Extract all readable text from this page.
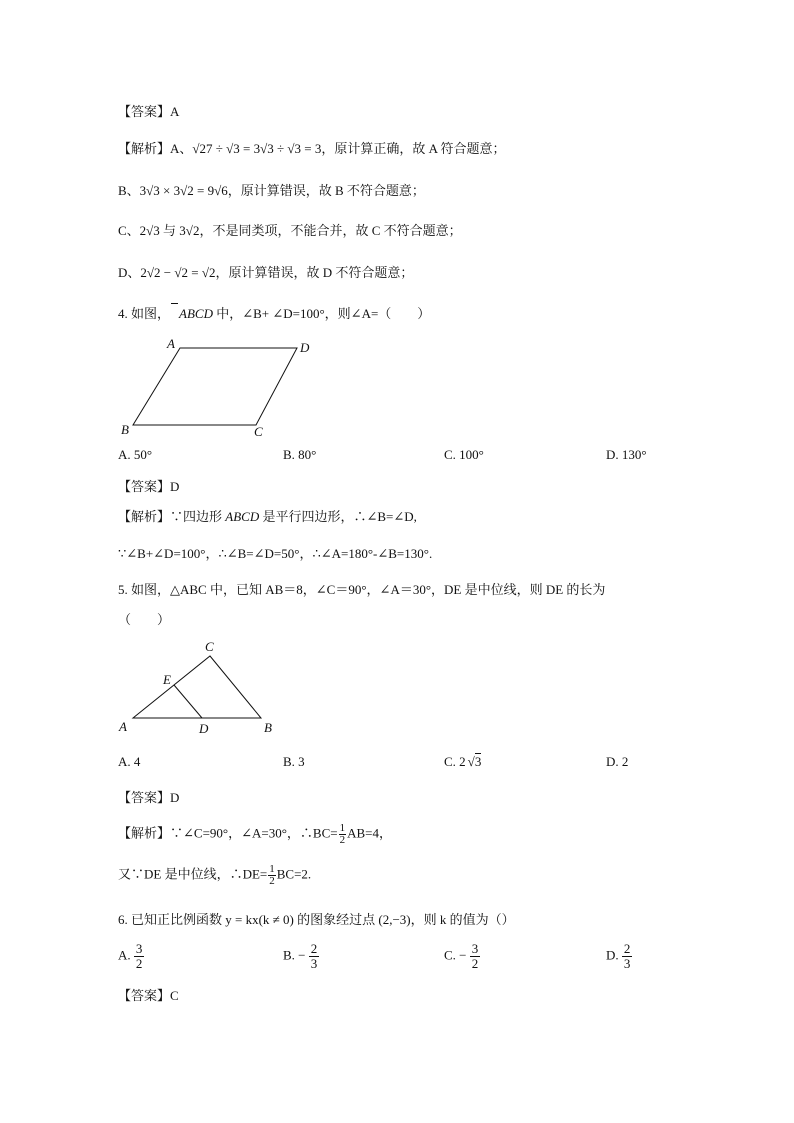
【答案】A
【解析】A、√27 ÷ √3 = 3√3 ÷ √3 = 3，原计算正确，故 A 符合题意；
B、3√3 × 3√2 = 9√6，原计算错误，故 B 不符合题意；
C、2√3 与 3√2，不是同类项，不能合并，故 C 不符合题意；
D、2√2 − √2 = √2，原计算错误，故 D 不符合题意；
4. 如图， ABCD 中，∠B+ ∠D=100°，则∠A=（　　）
A	D
B	C
A. 50°	B. 80°	C. 100°	D. 130°
【答案】D
【解析】∵四边形 ABCD 是平行四边形，∴∠B=∠D,
∵∠B+∠D=100°，∴∠B=∠D=50°，∴∠A=180°-∠B=130°.
5. 如图，△ABC 中，已知 AB＝8，∠C＝90°，∠A＝30°，DE 是中位线，则 DE 的长为
（　　）
C
E
A	D	B
A. 4	B. 3	C. 2 √3	D. 2
【答案】D
【解析】∵∠C=90°，∠A=30°，∴BC= $\frac{1}{2} AB=4$，
又∵DE 是中位线，∴DE= $\frac{1}{2} BC=2$.
6. 已知正比例函数 y = kx(k ≠ 0) 的图象经过点 (2,−3)，则 k 的值为（）
A. $\frac{3}{2}$	B. − $\frac{2}{3}$	C. − $\frac{3}{2}$	D. $\frac{2}{3}$
【答案】C
